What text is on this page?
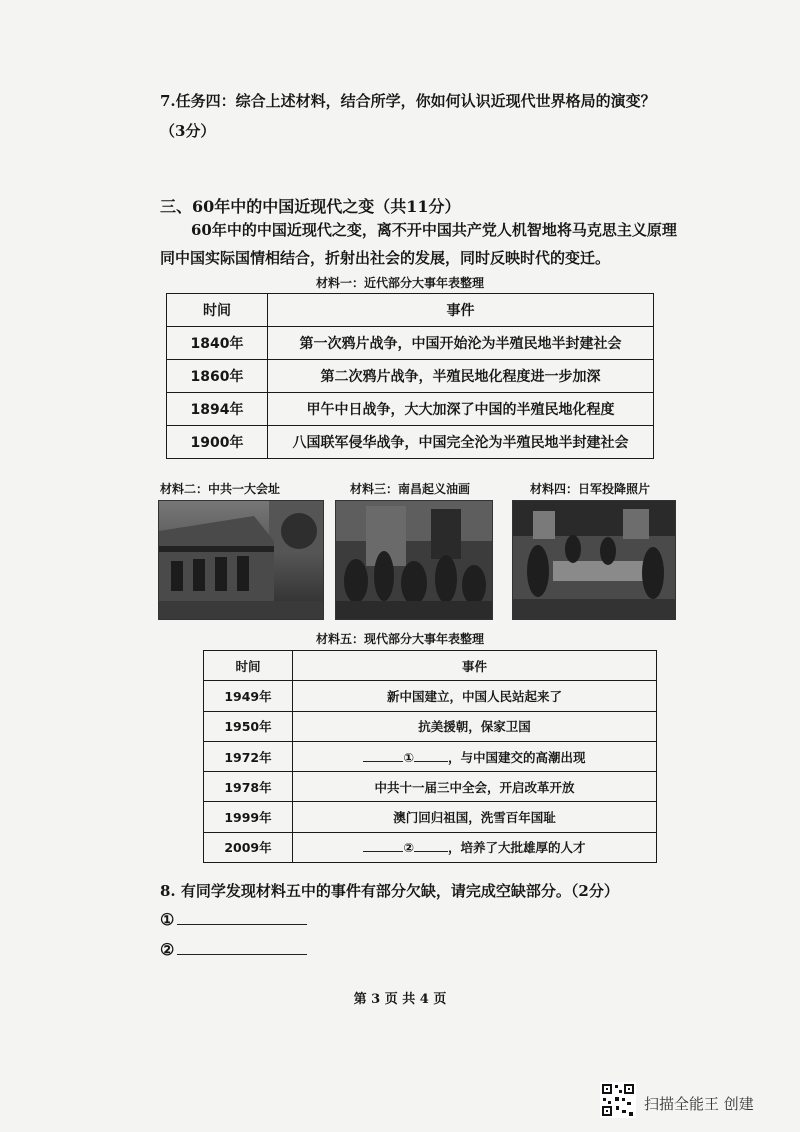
7.任务四：综合上述材料，结合所学，你如何认识近现代世界格局的演变？（3分）
三、60年中的中国近现代之变（共11分）
60年中的中国近现代之变，离不开中国共产党人机智地将马克思主义原理同中国实际国情相结合，折射出社会的发展，同时反映时代的变迁。
材料一：近代部分大事年表整理
时间	事件
1840年	第一次鸦片战争，中国开始沦为半殖民地半封建社会
1860年	第二次鸦片战争，半殖民地化程度进一步加深
1894年	甲午中日战争，大大加深了中国的半殖民地化程度
1900年	八国联军侵华战争，中国完全沦为半殖民地半封建社会
材料二：中共一大会址	材料三：南昌起义油画	材料四：日军投降照片
材料五：现代部分大事年表整理
时间	事件
1949年	新中国建立，中国人民站起来了
1950年	抗美援朝，保家卫国
1972年	① ，与中国建交的高潮出现
1978年	中共十一届三中全会，开启改革开放
1999年	澳门回归祖国，洗雪百年国耻
2009年	② ，培养了大批雄厚的人才
8. 有同学发现材料五中的事件有部分欠缺，请完成空缺部分。（2分）
①
②
第 3 页 共 4 页
扫描全能王 创建
